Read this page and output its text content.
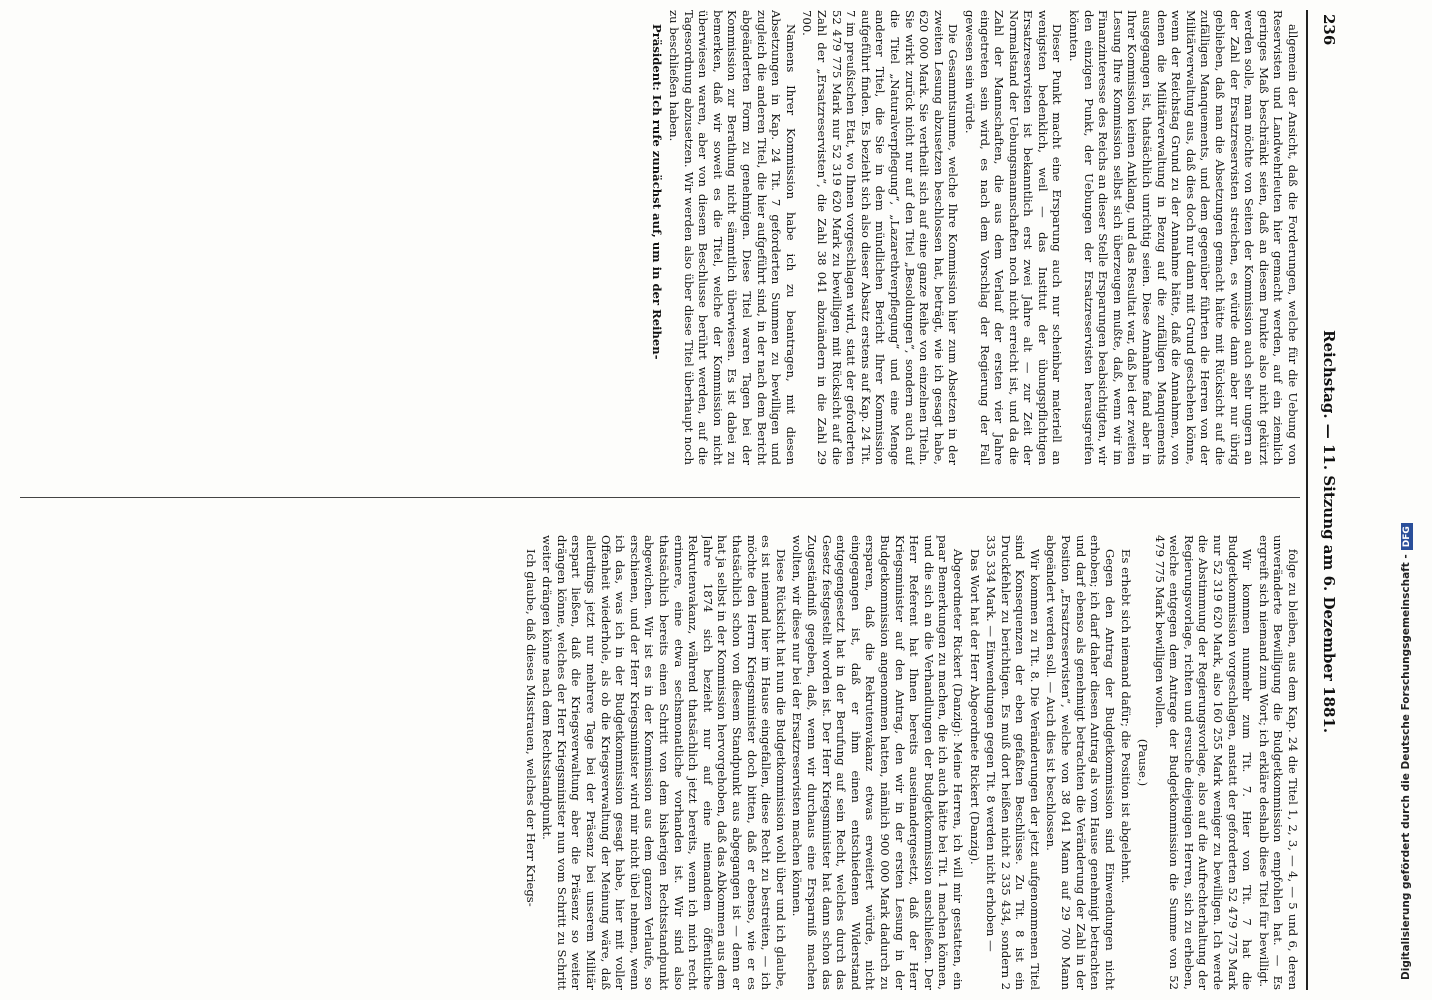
236
Reichstag. — 11. Sitzung am 6. Dezember 1881.

allgemein der Ansicht, daß die Forderungen, welche für die Uebung von Reservisten und Landwehrleuten hier gemacht werden, auf ein ziemlich geringes Maß beschränkt seien, daß an diesem Punkte also nicht gekürzt werden solle, man möchte von Seiten der Kommission auch sehr ungern an der Zahl der Ersatzreservisten streichen, es würde dann aber nur übrig geblieben, daß man die Absetzungen gemacht hätte mit Rücksicht auf die zufälligen Manquements, und dem gegenüber führten die Herren von der Militärverwaltung aus, daß dies doch nur dann mit Grund geschehen könne, wenn der Reichstag Grund zu der Annahme hätte, daß die Annahmen, von denen die Militärverwaltung in Bezug auf die zufälligen Manquements ausgegangen ist, thatsächlich unrichtig seien. Diese Annahme fand aber in Ihrer Kommission keinen Anklang, und das Resultat war, daß bei der zweiten Lesung Ihre Kommission selbst sich überzeugen mußte, daß, wenn wir im Finanzinteresse des Reichs an dieser Stelle Ersparungen beabsichtigten, wir den einzigen Punkt, der Uebungen der Ersatzreservisten herausgreifen könnten.

Dieser Punkt macht eine Ersparung auch nur scheinbar materiell an wenigsten bedenklich, weil — das Institut der übungspflichtigen Ersatzreservisten ist bekanntlich erst zwei Jahre alt — zur Zeit der Normalstand der Uebungsmannschaften noch nicht erreicht ist, und da die Zahl der Mannschaften, die aus dem Verlauf der ersten vier Jahre eingetreten sein wird, es nach dem Vorschlag der Regierung der Fall gewesen sein würde.

Die Gesammtsumme, welche Ihre Kommission hier zum Absetzen in der zweiten Lesung abzusetzen beschlossen hat, beträgt, wie ich gesagt habe, 620 000 Mark. Sie vertheilt sich auf eine ganze Reihe von einzelnen Titeln. Sie wirkt zurück nicht nur auf den Titel „Besoldungen“, sondern auch auf die Titel „Naturalverpflegung“, „Lazarethverpflegung“ und eine Menge anderer Titel, die Sie in dem mündlichen Bericht Ihrer Kommission aufgeführt finden. Es bezieht sich also dieser Absatz erstens auf Kap. 24 Tit. 7 im preußischen Etat, wo Ihnen vorgeschlagen wird, statt der geforderten 52 479 775 Mark nur 52 319 620 Mark zu bewilligen mit Rücksicht auf die Zahl der „Ersatzreservisten“, die Zahl 38 041 abzuändern in die Zahl 29 700.

Namens Ihrer Kommission habe ich zu beantragen, mit diesen Absetzungen in Kap. 24 Tit. 7 geforderten Summen zu bewilligen und zugleich die anderen Titel, die hier aufgeführt sind, in der nach dem Bericht abgeänderten Form zu genehmigen. Diese Titel waren Tagen bei der Kommission zur Berathung nicht sämmtlich überwiesen. Es ist dabei zu bemerken, daß wir soweit es die Titel, welche der Kommission nicht überwiesen waren, aber von diesem Beschlusse berührt werden, auf die Tagesordnung abzusetzen. Wir werden also über diese Titel überhaupt noch zu beschließen haben.

Präsident: Ich rufe zunächst auf, um in der Reihen-

folge zu bleiben, aus dem Kap. 24 die Titel 1, 2, 3, — 4, — 5 und 6, deren unveränderte Bewilligung die Budgetkommission empfohlen hat. — Es ergreift sich niemand zum Wort; ich erkläre deshalb diese Titel für bewilligt.

Wir kommen nunmehr zum Tit. 7. Hier von Tit. 7 hat die Budgetkommission vorgeschlagen, anstatt der geforderten 52 479 775 Mark nur 52 319 620 Mark, also 160 255 Mark weniger zu bewilligen. Ich werde die Abstimmung der Regierungsvorlage, also auf die Aufrechterhaltung der Regierungsvorlage, richten und ersuche diejenigen Herren, sich zu erheben, welche entgegen dem Antrage der Budgetkommission die Summe von 52 479 775 Mark bewilligen wollen.

(Pause.)

Es erhebt sich niemand dafür; die Position ist abgelehnt.

Gegen den Antrag der Budgetkommission sind Einwendungen nicht erhoben; ich darf daher diesen Antrag als vom Hause genehmigt betrachten und darf ebenso als genehmigt betrachten die Veränderung der Zahl in der Position „Ersatzreservisten“, welche von 38 041 Mann auf 29 700 Mann abgeändert werden soll. — Auch dies ist beschlossen.

Wir kommen zu Tit. 8. Die Veränderungen der jetzt aufgenommenen Titel sind Konsequenzen der eben gefaßten Beschlüsse. Zu Tit. 8 ist ein Druckfehler zu berichtigen. Es muß dort heißen nicht 2 335 434, sondern 2 335 334 Mark. — Einwendungen gegen Tit. 8 werden nicht erhoben —

Das Wort hat der Herr Abgeordnete Rickert (Danzig).

Abgeordneter Rickert (Danzig): Meine Herren, ich will mir gestatten, ein paar Bemerkungen zu machen, die ich auch hätte bei Tit. 1 machen können, und die sich an die Verhandlungen der Budgetkommission anschließen. Der Herr Referent hat Ihnen bereits auseinandergesetzt, daß der Herr Kriegsminister auf den Antrag, den wir in der ersten Lesung in der Budgetkommission angenommen hatten, nämlich 900 000 Mark dadurch zu ersparen, daß die Rekrutenvakanz etwas erweitert würde, nicht eingegangen ist, daß er ihm einen entschiedenen Widerstand entgegengesetzt hat in der Berufung auf sein Recht, welches durch das Gesetz festgestellt worden ist. Der Herr Kriegsminister hat dann schon das Zugeständniß gegeben, daß, wenn wir durchaus eine Ersparniß machen wollten, wir diese nur bei der Ersatzreservisten machen können.

Diese Rücksicht hat nun die Budgetkommission wohl über und ich glaube, es ist niemand hier im Hause eingefallen, diese Recht zu bestreiten, — ich möchte den Herrn Kriegsminister doch bitten, daß er ebenso, wie er es thatsächlich schon von diesem Standpunkt aus abgegangen ist — denn er hat ja selbst in der Kommission hervorgehoben, daß das Abkommen aus dem Jahre 1874 sich bezieht nur auf eine niemandem öffentliche Rekrutenvakanz, während thatsächlich jetzt bereits, wenn ich mich recht erinnere, eine etwa sechsmonatliche vorhanden ist. Wir sind also thatsächlich bereits einen Schritt von dem bisherigen Rechtsstandpunkt abgewichen. Wir ist es in der Kommission aus dem ganzen Verlaufe, so erschienen, und der Herr Kriegsminister wird mir nicht übel nehmen, wenn ich das, was ich in der Budgetkommission gesagt habe, hier mit voller Offenheit wiederhole, als ob die Kriegsverwaltung der Meinung wäre, daß allerdings jetzt nur mehrere Tage bei der Präsenz bei unserem Militär erspart ließen, daß die Kriegsverwaltung aber die Präsenz so weiter drängen könne, welches der Herr Kriegsminister nun vom Schritt zu Schritt weiter drängen könne nach dem Rechtsstandpunkt.

Ich glaube, daß dieses Misstrauen, welches der Herr Kriegs-	Digitalisierung gefördert durch die Deutsche Forschungsgemeinschaft -DFG
